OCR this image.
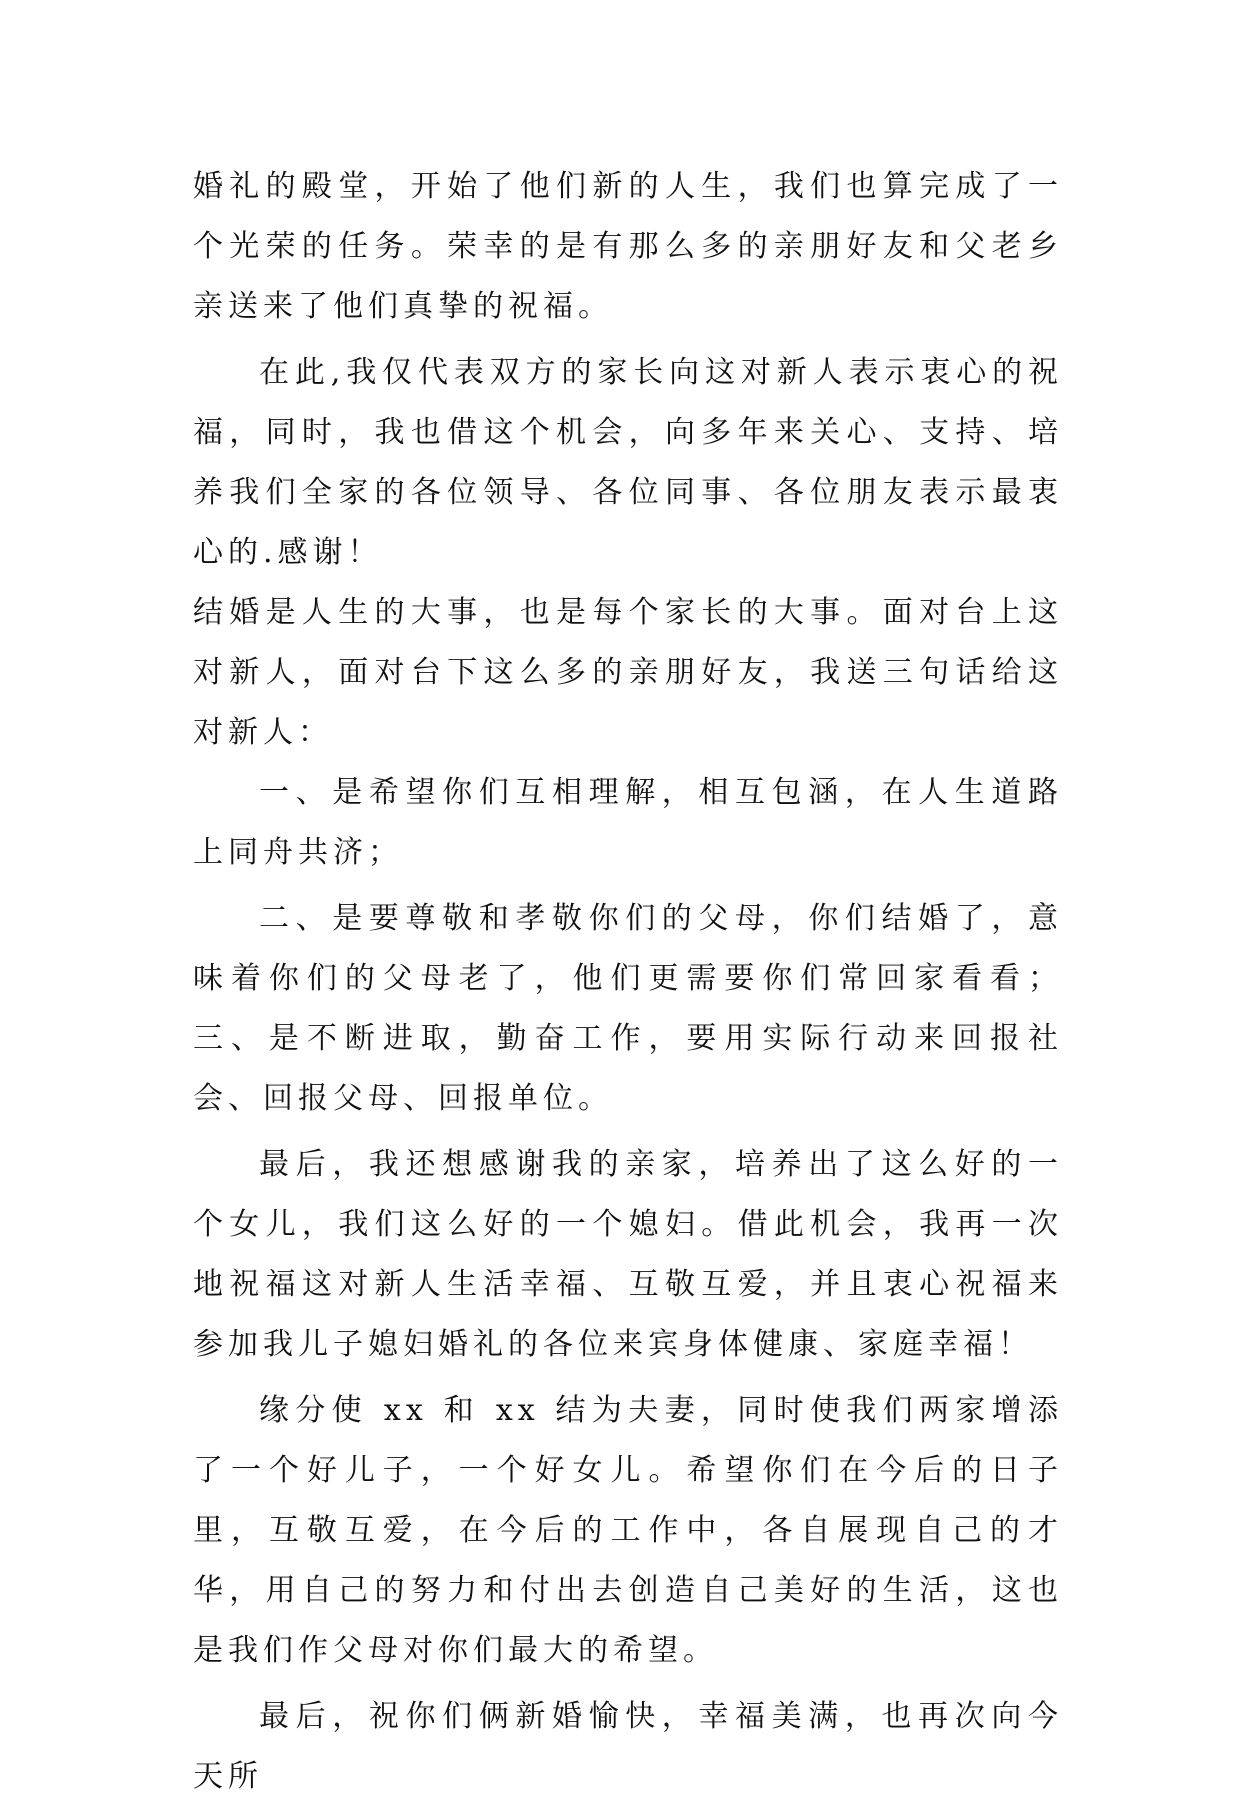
婚礼的殿堂，开始了他们新的人生，我们也算完成了一个光荣的任务。荣幸的是有那么多的亲朋好友和父老乡亲送来了他们真挚的祝福。

在此,我仅代表双方的家长向这对新人表示衷心的祝福，同时，我也借这个机会，向多年来关心、支持、培养我们全家的各位领导、各位同事、各位朋友表示最衷心的.感谢！

结婚是人生的大事，也是每个家长的大事。面对台上这对新人，面对台下这么多的亲朋好友，我送三句话给这对新人：

一、是希望你们互相理解，相互包涵，在人生道路上同舟共济；

二、是要尊敬和孝敬你们的父母，你们结婚了，意味着你们的父母老了，他们更需要你们常回家看看；三、是不断进取，勤奋工作，要用实际行动来回报社会、回报父母、回报单位。

最后，我还想感谢我的亲家，培养出了这么好的一个女儿，我们这么好的一个媳妇。借此机会，我再一次地祝福这对新人生活幸福、互敬互爱，并且衷心祝福来参加我儿子媳妇婚礼的各位来宾身体健康、家庭幸福！

缘分使 xx 和 xx 结为夫妻，同时使我们两家增添了一个好儿子，一个好女儿。希望你们在今后的日子里，互敬互爱，在今后的工作中，各自展现自己的才华，用自己的努力和付出去创造自己美好的生活，这也是我们作父母对你们最大的希望。

最后，祝你们俩新婚愉快，幸福美满，也再次向今天所
